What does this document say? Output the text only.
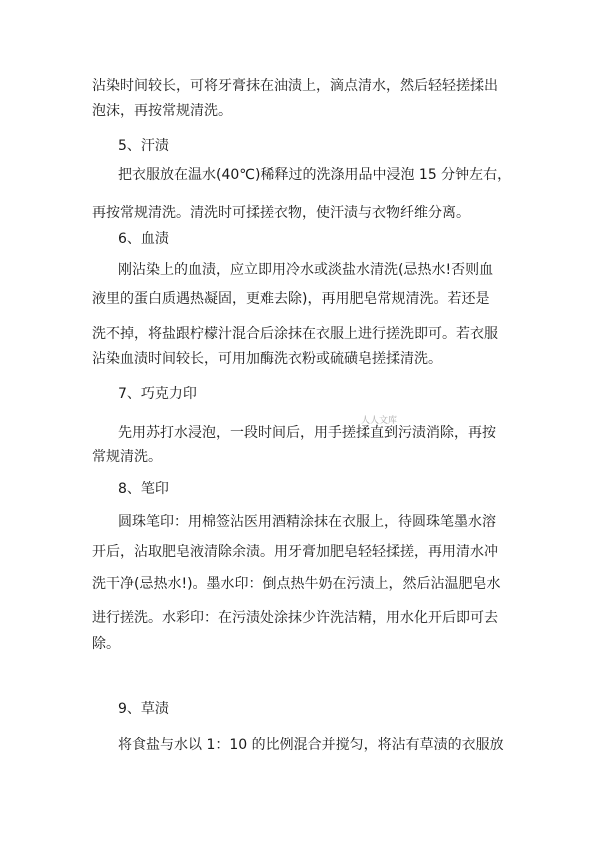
沾染时间较长，可将牙膏抹在油渍上，滴点清水，然后轻轻搓揉出
泡沫，再按常规清洗。
5、汗渍
把衣服放在温水(40℃)稀释过的洗涤用品中浸泡 15 分钟左右，
再按常规清洗。清洗时可揉搓衣物，使汗渍与衣物纤维分离。
6、血渍
刚沾染上的血渍，应立即用冷水或淡盐水清洗(忌热水!否则血
液里的蛋白质遇热凝固，更难去除)，再用肥皂常规清洗。若还是
洗不掉，将盐跟柠檬汁混合后涂抹在衣服上进行搓洗即可。若衣服
沾染血渍时间较长，可用加酶洗衣粉或硫磺皂搓揉清洗。
7、巧克力印
先用苏打水浸泡，一段时间后，用手搓揉直到污渍消除，再按
常规清洗。
8、笔印
圆珠笔印：用棉签沾医用酒精涂抹在衣服上，待圆珠笔墨水溶
开后，沾取肥皂液清除余渍。用牙膏加肥皂轻轻揉搓，再用清水冲
洗干净(忌热水!)。墨水印：倒点热牛奶在污渍上，然后沾温肥皂水
进行搓洗。水彩印：在污渍处涂抹少许洗洁精，用水化开后即可去
除。
9、草渍
将食盐与水以 1：10 的比例混合并搅匀，将沾有草渍的衣服放
人人文库
